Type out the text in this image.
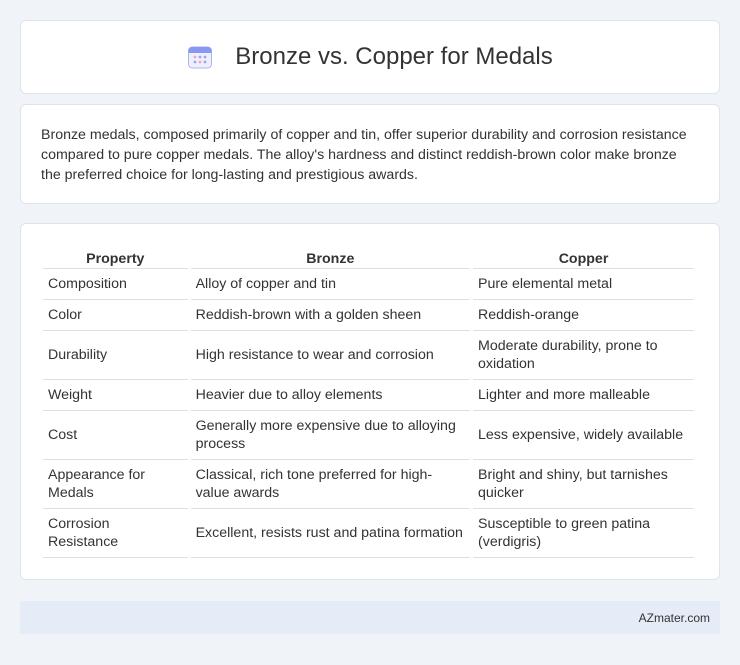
Bronze vs. Copper for Medals

Bronze medals, composed primarily of copper and tin, offer superior durability and corrosion resistance compared to pure copper medals. The alloy's hardness and distinct reddish-brown color make bronze the preferred choice for long-lasting and prestigious awards.

Property	Bronze	Copper
Composition	Alloy of copper and tin	Pure elemental metal
Color	Reddish-brown with a golden sheen	Reddish-orange
Durability	High resistance to wear and corrosion	Moderate durability, prone to oxidation
Weight	Heavier due to alloy elements	Lighter and more malleable
Cost	Generally more expensive due to alloying process	Less expensive, widely available
Appearance for Medals	Classical, rich tone preferred for high-value awards	Bright and shiny, but tarnishes quicker
Corrosion Resistance	Excellent, resists rust and patina formation	Susceptible to green patina (verdigris)
AZmater.com
